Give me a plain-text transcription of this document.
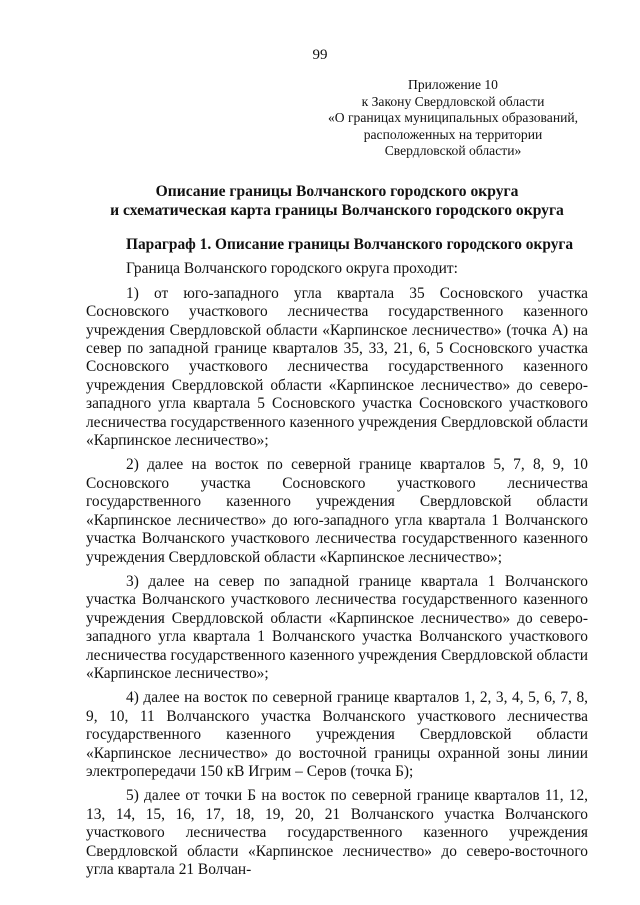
99
Приложение 10
к Закону Свердловской области
«О границах муниципальных образований,
расположенных на территории
Свердловской области»
Описание границы Волчанского городского округа
и схематическая карта границы Волчанского городского округа

Параграф 1. Описание границы Волчанского городского округа

Граница Волчанского городского округа проходит:

1) от юго-западного угла квартала 35 Сосновского участка Сосновского участкового лесничества государственного казенного учреждения Свердловской области «Карпинское лесничество» (точка А) на север по западной границе кварталов 35, 33, 21, 6, 5 Сосновского участка Сосновского участкового лесничества государственного казенного учреждения Свердловской области «Карпинское лесничество» до северо-западного угла квартала 5 Сосновского участка Сосновского участкового лесничества государственного казенного учреждения Свердловской области «Карпинское лесничество»;

2) далее на восток по северной границе кварталов 5, 7, 8, 9, 10 Сосновского участка Сосновского участкового лесничества государственного казенного учреждения Свердловской области «Карпинское лесничество» до юго-западного угла квартала 1 Волчанского участка Волчанского участкового лесничества государственного казенного учреждения Свердловской области «Карпинское лесничество»;

3) далее на север по западной границе квартала 1 Волчанского участка Волчанского участкового лесничества государственного казенного учреждения Свердловской области «Карпинское лесничество» до северо-западного угла квартала 1 Волчанского участка Волчанского участкового лесничества государственного казенного учреждения Свердловской области «Карпинское лесничество»;

4) далее на восток по северной границе кварталов 1, 2, 3, 4, 5, 6, 7, 8, 9, 10, 11 Волчанского участка Волчанского участкового лесничества государственного казенного учреждения Свердловской области «Карпинское лесничество» до восточной границы охранной зоны линии электропередачи 150 кВ Игрим – Серов (точка Б);

5) далее от точки Б на восток по северной границе кварталов 11, 12, 13, 14, 15, 16, 17, 18, 19, 20, 21 Волчанского участка Волчанского участкового лесничества государственного казенного учреждения Свердловской области «Карпинское лесничество» до северо-восточного угла квартала 21 Волчан-
